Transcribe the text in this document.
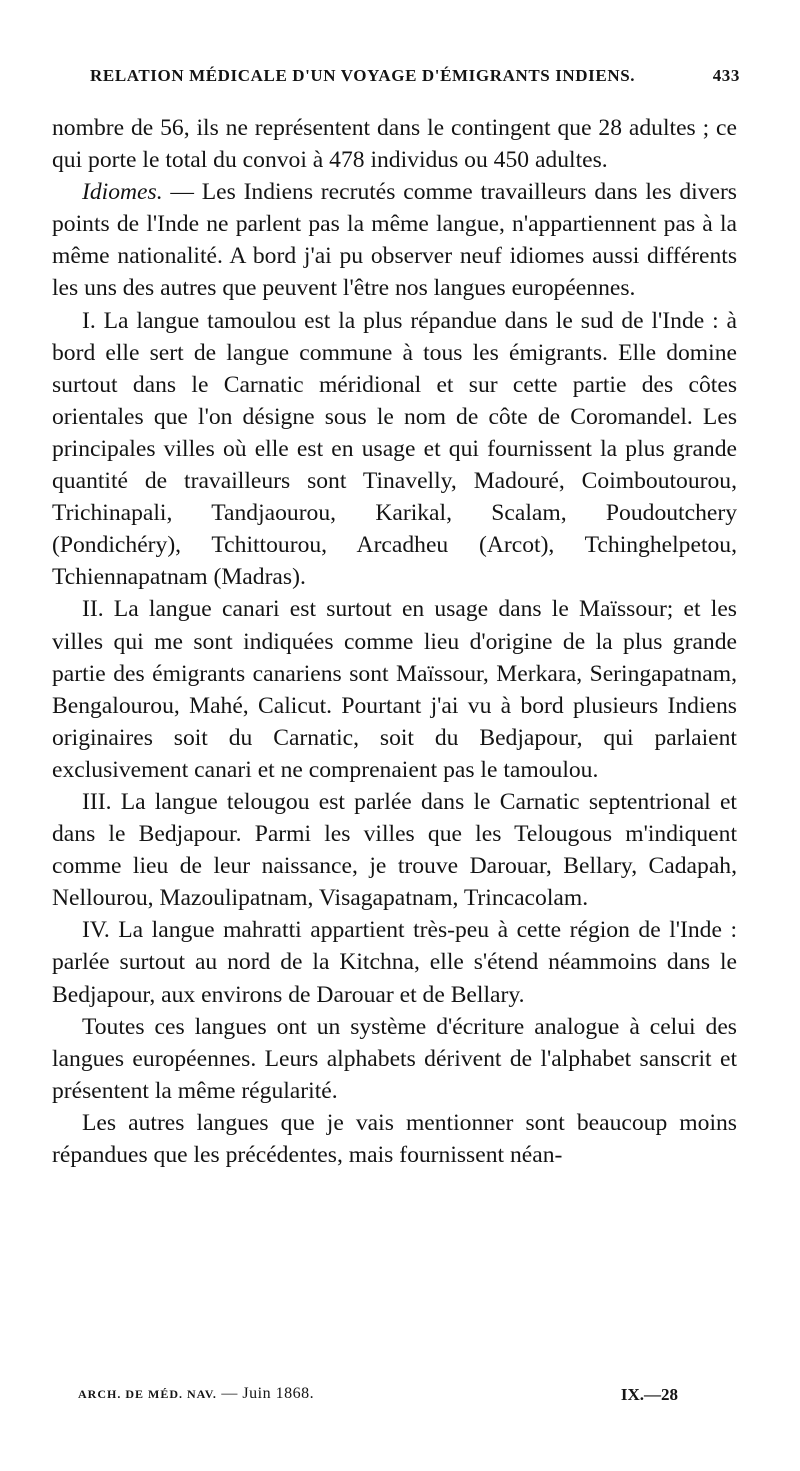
RELATION MÉDICALE D'UN VOYAGE D'ÉMIGRANTS INDIENS.	433

nombre de 56, ils ne représentent dans le contingent que 28 adultes ; ce qui porte le total du convoi à 478 individus ou 450 adultes.

Idiomes. — Les Indiens recrutés comme travailleurs dans les divers points de l'Inde ne parlent pas la même langue, n'appartiennent pas à la même nationalité. A bord j'ai pu observer neuf idiomes aussi différents les uns des autres que peuvent l'être nos langues européennes.

I. La langue tamoulou est la plus répandue dans le sud de l'Inde : à bord elle sert de langue commune à tous les émigrants. Elle domine surtout dans le Carnatic méridional et sur cette partie des côtes orientales que l'on désigne sous le nom de côte de Coromandel. Les principales villes où elle est en usage et qui fournissent la plus grande quantité de travailleurs sont Tinavelly, Madouré, Coimboutourou, Trichinapali, Tandjaourou, Karikal, Scalam, Poudoutchery (Pondichéry), Tchittourou, Arcadheu (Arcot), Tchinghelpetou, Tchiennapatnam (Madras).

II. La langue canari est surtout en usage dans le Maïssour; et les villes qui me sont indiquées comme lieu d'origine de la plus grande partie des émigrants canariens sont Maïssour, Merkara, Seringapatnam, Bengalourou, Mahé, Calicut. Pourtant j'ai vu à bord plusieurs Indiens originaires soit du Carnatic, soit du Bedjapour, qui parlaient exclusivement canari et ne comprenaient pas le tamoulou.

III. La langue telougou est parlée dans le Carnatic septentrional et dans le Bedjapour. Parmi les villes que les Telougous m'indiquent comme lieu de leur naissance, je trouve Darouar, Bellary, Cadapah, Nellourou, Mazoulipatnam, Visagapatnam, Trincacolam.

IV. La langue mahratti appartient très-peu à cette région de l'Inde : parlée surtout au nord de la Kitchna, elle s'étend néammoins dans le Bedjapour, aux environs de Darouar et de Bellary.

Toutes ces langues ont un système d'écriture analogue à celui des langues européennes. Leurs alphabets dérivent de l'alphabet sanscrit et présentent la même régularité.

Les autres langues que je vais mentionner sont beaucoup moins répandues que les précédentes, mais fournissent néan-

ARCH. DE MÉD. NAV. — Juin 1868.	IX.—28
